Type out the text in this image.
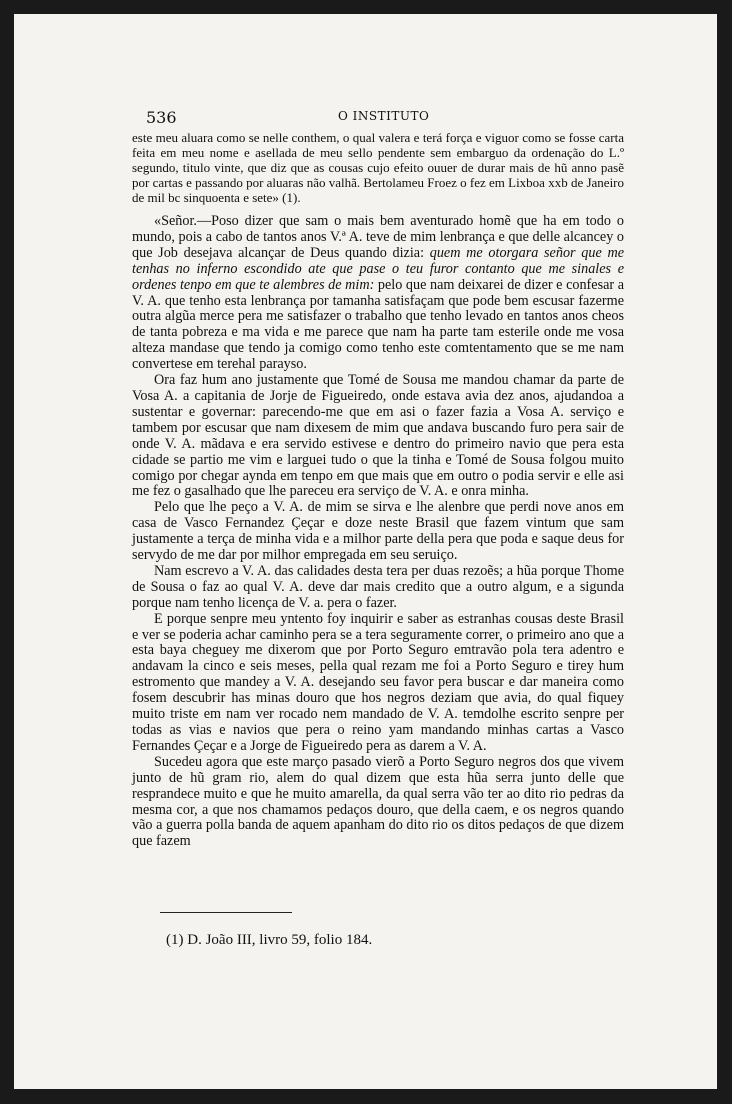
536	O INSTITUTO

este meu aluara como se nelle conthem, o qual valera e terá força e viguor como se fosse carta feita em meu nome e asellada de meu sello pendente sem embarguo da ordenação do L.º segundo, titulo vinte, que diz que as cousas cujo efeito ouuer de durar mais de hũ anno pasẽ por cartas e passando por aluaras não valhã. Bertolameu Froez o fez em Lixboa xxb de Janeiro de mil bc sinquoenta e sete» (1).

«Señor.—Poso dizer que sam o mais bem aventurado homẽ que ha em todo o mundo, pois a cabo de tantos anos V.ª A. teve de mim lenbrança e que delle alcancey o que Job desejava alcançar de Deus quando dizia: quem me otorgara señor que me tenhas no inferno escondido ate que pase o teu furor contanto que me sinales e ordenes tenpo em que te alembres de mim: pelo que nam deixarei de dizer e confesar a V. A. que tenho esta lenbrança por tamanha satisfaçam que pode bem escusar fazerme outra algũa merce pera me satisfazer o trabalho que tenho levado en tantos anos cheos de tanta pobreza e ma vida e me parece que nam ha parte tam esterile onde me vosa alteza mandase que tendo ja comigo como tenho este comtentamento que se me nam convertese em terehal parayso.

Ora faz hum ano justamente que Tomé de Sousa me mandou chamar da parte de Vosa A. a capitania de Jorje de Figueiredo, onde estava avia dez anos, ajudandoa a sustentar e governar: parecendo-me que em asi o fazer fazia a Vosa A. serviço e tambem por escusar que nam dixesem de mim que andava buscando furo pera sair de onde V. A. mãdava e era servido estivese e dentro do primeiro navio que pera esta cidade se partio me vim e larguei tudo o que la tinha e Tomé de Sousa folgou muito comigo por chegar aynda em tenpo em que mais que em outro o podia servir e elle asi me fez o gasalhado que lhe pareceu era serviço de V. A. e onra minha.

Pelo que lhe peço a V. A. de mim se sirva e lhe alenbre que perdi nove anos em casa de Vasco Fernandez Çeçar e doze neste Brasil que fazem vintum que sam justamente a terça de minha vida e a milhor parte della pera que poda e saque deus for servydo de me dar por milhor empregada em seu seruiço.

Nam escrevo a V. A. das calidades desta tera per duas rezoẽs; a hũa porque Thome de Sousa o faz ao qual V. A. deve dar mais credito que a outro algum, e a sigunda porque nam tenho licença de V. a. pera o fazer.

E porque senpre meu yntento foy inquirir e saber as estranhas cousas deste Brasil e ver se poderia achar caminho pera se a tera seguramente correr, o primeiro ano que a esta baya cheguey me dixerom que por Porto Seguro emtravão pola tera adentro e andavam la cinco e seis meses, pella qual rezam me foi a Porto Seguro e tirey hum estromento que mandey a V. A. desejando seu favor pera buscar e dar maneira como fosem descubrir has minas douro que hos negros deziam que avia, do qual fiquey muito triste em nam ver rocado nem mandado de V. A. temdolhe escrito senpre per todas as vias e navios que pera o reino yam mandando minhas cartas a Vasco Fernandes Çeçar e a Jorge de Figueiredo pera as darem a V. A.

Sucedeu agora que este março pasado vierõ a Porto Seguro negros dos que vivem junto de hũ gram rio, alem do qual dizem que esta hũa serra junto delle que resprandece muito e que he muito amarella, da qual serra vão ter ao dito rio pedras da mesma cor, a que nos chamamos pedaços douro, que della caem, e os negros quando vão a guerra polla banda de aquem apanham do dito rio os ditos pedaços de que dizem que fazem

(1) D. João III, livro 59, folio 184.
